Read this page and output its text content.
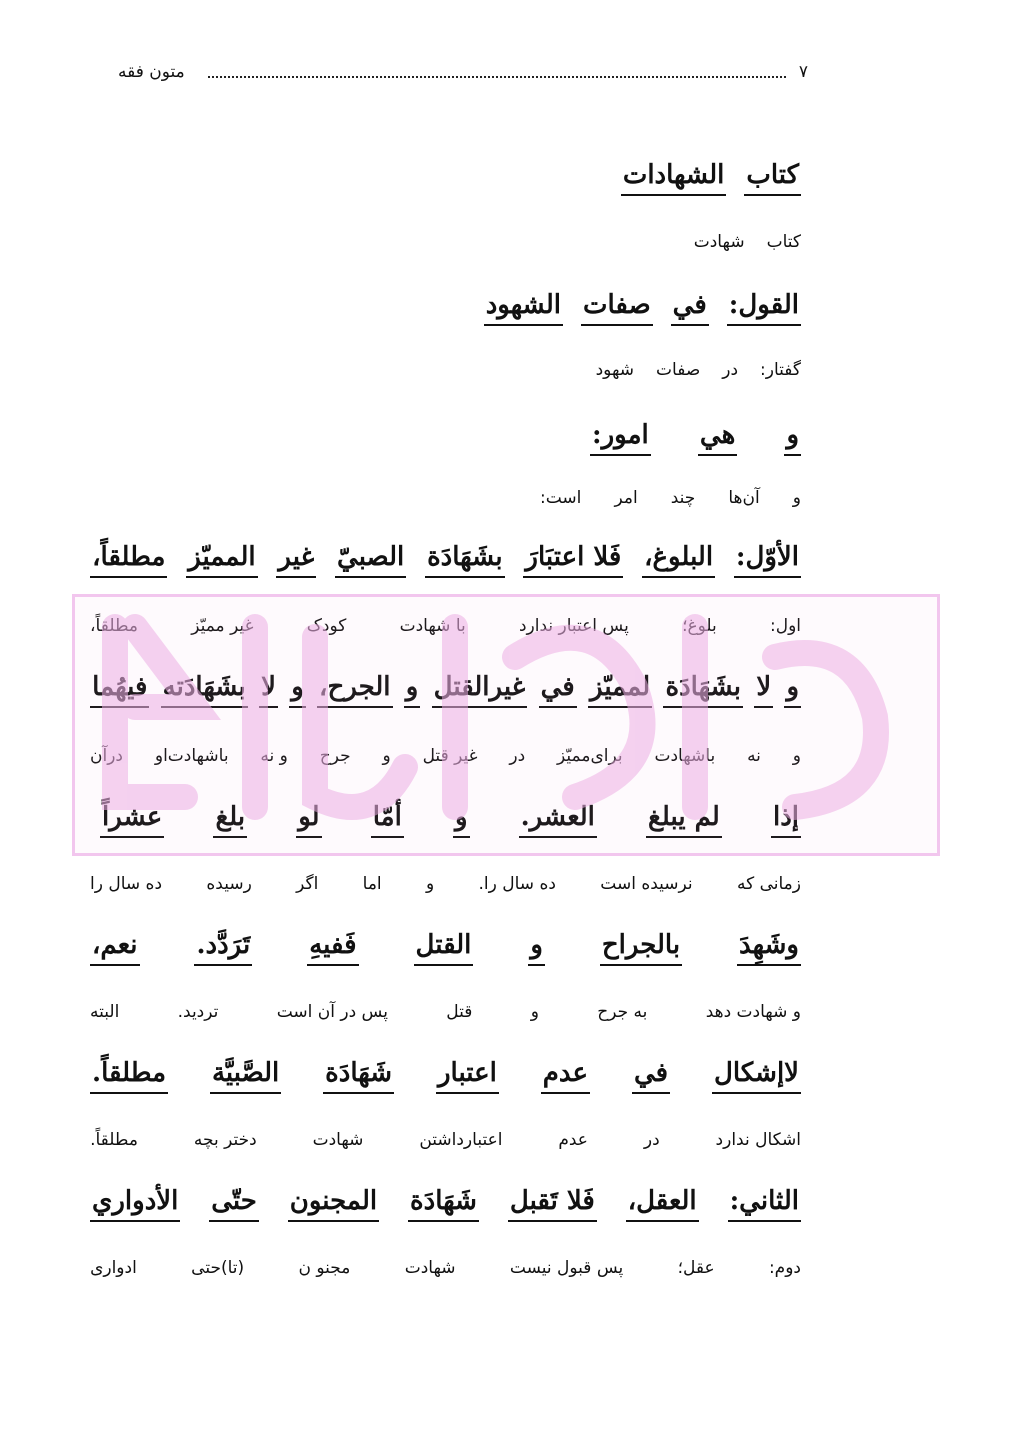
۷
متون فقه
کتاب
الشهادات
کتاب
شهادت
القول:
في
صفات
الشهود
گفتار:
در
صفات
شهود
و
هي
امور:
و
آن‌ها
چند
امر
است:
الأوّل:
البلوغ،
فَلا اعتبَارَ
بشَهَادَة
الصبيّ
غير
المميّز
مطلقاً،
اول:
بلوغ؛
پس اعتبار ندارد
با شهادت
کودک
غیر ممیّز
مطلقاً،
و
لا
بشَهَادَة
لمميّز
في
غيرالقتل
و
الجرح،
و
لا
بشَهَادَته
فيهُما
و
نه
باشهادت
برای‌ممیّز
در
غیر قتل
و
جرح
و نه
باشهادت‌او
درآن
إذا
لم يبلغ
العشر.
و
أمّا
لو
بلغ
عشراً
زمانی که
نرسیده است
ده سال را.
و
اما
اگر
رسیده
ده سال را
وشَهِدَ
بالجراح
و
القتل
فَفيهِ
تَرَدَّد.
نعم،
و شهادت دهد
به جرح
و
قتل
پس در آن است
تردید.
البته
لاإشكال
في
عدم
اعتبار
شَهَادَة
الصَّبيَّة
مطلقاً.
اشکال ندارد
در
عدم
اعتبارداشتن
شهادت
دختر بچه
مطلقاً.
الثاني:
العقل،
فَلا تَقبل
شَهَادَة
المجنون
حتّى
الأدواري
دوم:
عقل؛
پس قبول نیست
شهادت
مجنو ن
(تا)حتی
ادواری
